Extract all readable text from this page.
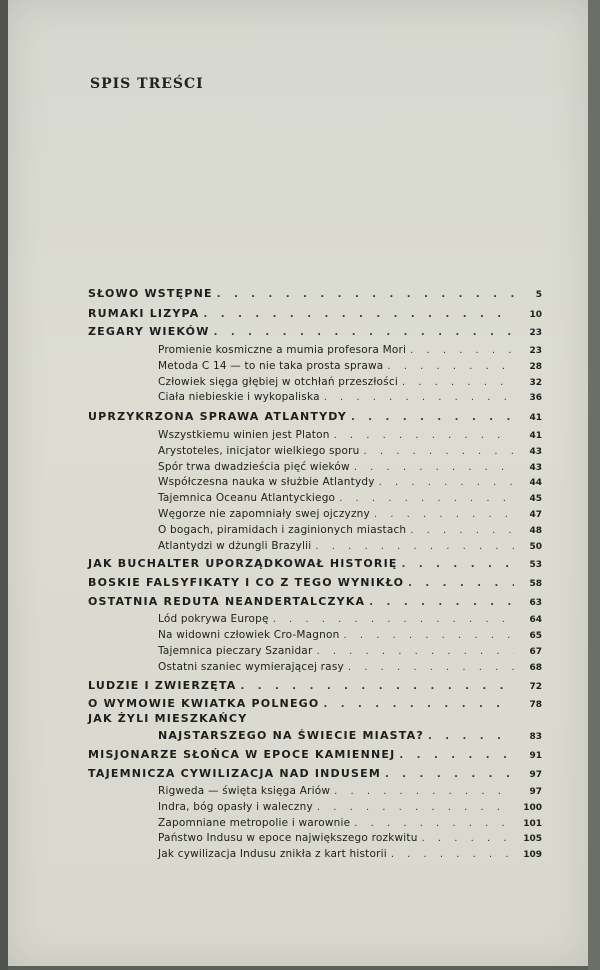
SPIS TREŚCI
SŁOWO WSTĘPNE . . .	5
RUMAKI LIZYPA . . .	10
ZEGARY WIEKÓW . . .	23
Promienie kosmiczne a mumia profesora Mori . . .	23
Metoda C 14 — to nie taka prosta sprawa . . .	28
Człowiek sięga głębiej w otchłań przeszłości . . .	32
Ciała niebieskie i wykopaliska . . .	36
UPRZYKRZONA SPRAWA ATLANTYDY . . .	41
Wszystkiemu winien jest Platon . . .	41
Arystoteles, inicjator wielkiego sporu . . .	43
Spór trwa dwadzieścia pięć wieków . . .	43
Współczesna nauka w służbie Atlantydy . . .	44
Tajemnica Oceanu Atlantyckiego . . .	45
Węgorze nie zapomniały swej ojczyzny . . .	47
O bogach, piramidach i zaginionych miastach . . .	48
Atlantydzi w dżungli Brazylii . . .	50
JAK BUCHALTER UPORZĄDKOWAŁ HISTORIĘ . . .	53
BOSKIE FALSYFIKATY I CO Z TEGO WYNIKŁO . . .	58
OSTATNIA REDUTA NEANDERTALCZYKA . . .	63
Lód pokrywa Europę . . .	64
Na widowni człowiek Cro-Magnon . . .	65
Tajemnica pieczary Szanidar . . .	67
Ostatni szaniec wymierającej rasy . . .	68
LUDZIE I ZWIERZĘTA . . .	72
O WYMOWIE KWIATKA POLNEGO . . .	78
JAK ŻYLI MIESZKAŃCY
NAJSTARSZEGO NA ŚWIECIE MIASTA? . . .	83
MISJONARZE SŁOŃCA W EPOCE KAMIENNEJ . . .	91
TAJEMNICZA CYWILIZACJA NAD INDUSEM . . .	97
Rigweda — święta księga Ariów . . .	97
Indra, bóg opasły i waleczny . . .	100
Zapomniane metropolie i warownie . . .	101
Państwo Indusu w epoce największego rozkwitu . . .	105
Jak cywilizacja Indusu znikła z kart historii . . .	109
